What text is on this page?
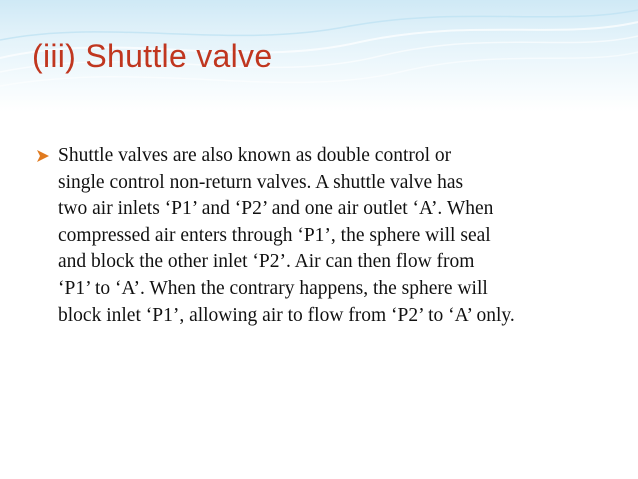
(iii) Shuttle valve
Shuttle valves are also known as double control or
single control non-return valves. A shuttle valve has
two air inlets ‘P1’ and ‘P2’ and one air outlet ‘A’. When
compressed air enters through ‘P1’, the sphere will seal
and block the other inlet ‘P2’. Air can then flow from
‘P1’ to ‘A’. When the contrary happens, the sphere will
block inlet ‘P1’, allowing air to flow from ‘P2’ to ‘A’ only.
